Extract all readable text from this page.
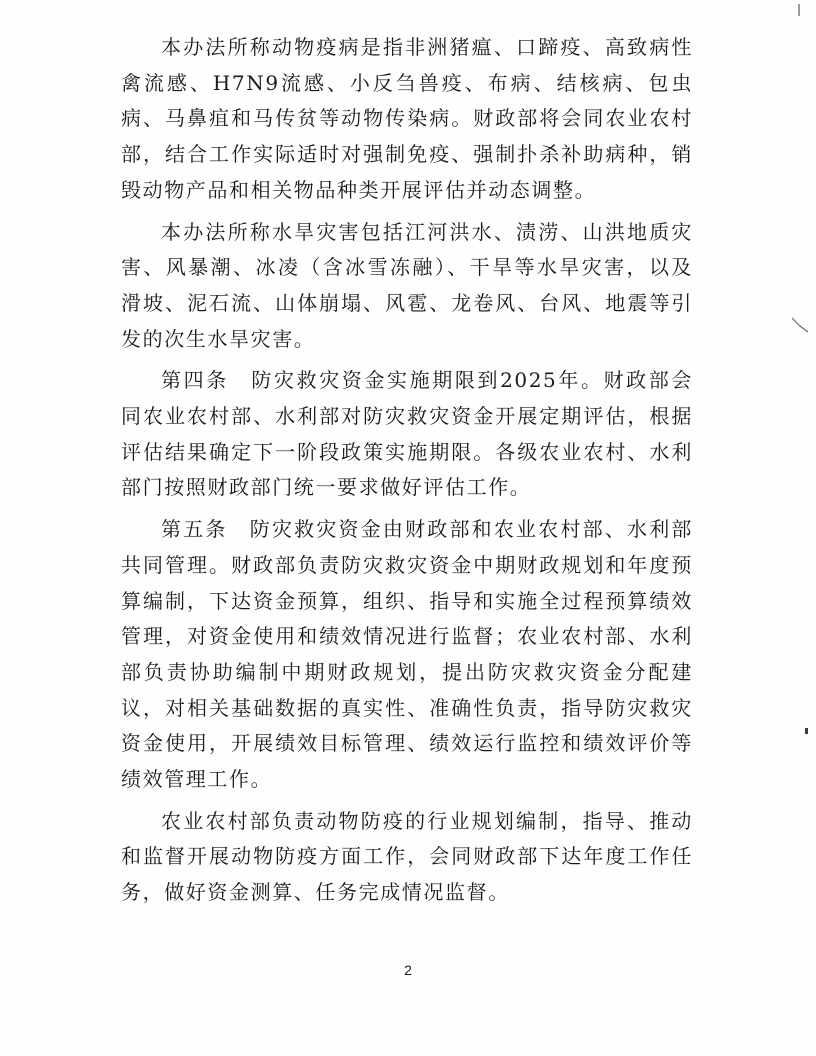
本办法所称动物疫病是指非洲猪瘟、口蹄疫、高致病性禽流感、H7N9流感、小反刍兽疫、布病、结核病、包虫病、马鼻疽和马传贫等动物传染病。财政部将会同农业农村部，结合工作实际适时对强制免疫、强制扑杀补助病种，销毁动物产品和相关物品种类开展评估并动态调整。

本办法所称水旱灾害包括江河洪水、渍涝、山洪地质灾害、风暴潮、冰凌（含冰雪冻融）、干旱等水旱灾害，以及滑坡、泥石流、山体崩塌、风雹、龙卷风、台风、地震等引发的次生水旱灾害。

第四条　防灾救灾资金实施期限到2025年。财政部会同农业农村部、水利部对防灾救灾资金开展定期评估，根据评估结果确定下一阶段政策实施期限。各级农业农村、水利部门按照财政部门统一要求做好评估工作。

第五条　防灾救灾资金由财政部和农业农村部、水利部共同管理。财政部负责防灾救灾资金中期财政规划和年度预算编制，下达资金预算，组织、指导和实施全过程预算绩效管理，对资金使用和绩效情况进行监督；农业农村部、水利部负责协助编制中期财政规划，提出防灾救灾资金分配建议，对相关基础数据的真实性、准确性负责，指导防灾救灾资金使用，开展绩效目标管理、绩效运行监控和绩效评价等绩效管理工作。

农业农村部负责动物防疫的行业规划编制，指导、推动和监督开展动物防疫方面工作，会同财政部下达年度工作任务，做好资金测算、任务完成情况监督。

2
